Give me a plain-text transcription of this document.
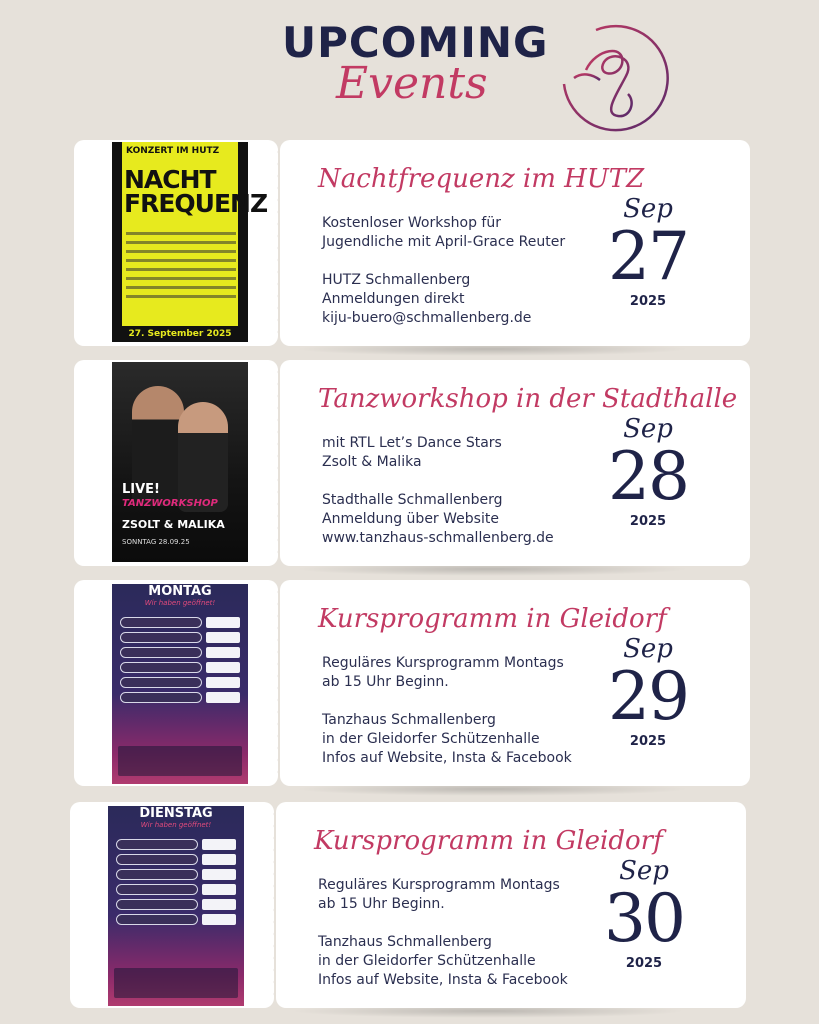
UPCOMING
Events
KONZERT IM HUTZ
NACHT
FREQUENZ
27. September 2025
Nachtfrequenz im HUTZ
Kostenloser Workshop für
Jugendliche mit April-Grace Reuter
HUTZ Schmallenberg
Anmeldungen direkt
kiju-buero@schmallenberg.de
Sep
27
2025
LIVE!
TANZWORKSHOP
ZSOLT & MALIKA
SONNTAG 28.09.25
Tanzworkshop in der Stadthalle
mit RTL Let’s Dance Stars
Zsolt & Malika
Stadthalle Schmallenberg
Anmeldung über Website
www.tanzhaus-schmallenberg.de
Sep
28
2025
MONTAG
Wir haben geöffnet!
Kursprogramm in Gleidorf
Reguläres Kursprogramm Montags
ab 15 Uhr Beginn.
Tanzhaus Schmallenberg
in der Gleidorfer Schützenhalle
Infos auf Website, Insta & Facebook
Sep
29
2025
DIENSTAG
Wir haben geöffnet!
Kursprogramm in Gleidorf
Reguläres Kursprogramm Montags
ab 15 Uhr Beginn.
Tanzhaus Schmallenberg
in der Gleidorfer Schützenhalle
Infos auf Website, Insta & Facebook
Sep
30
2025
